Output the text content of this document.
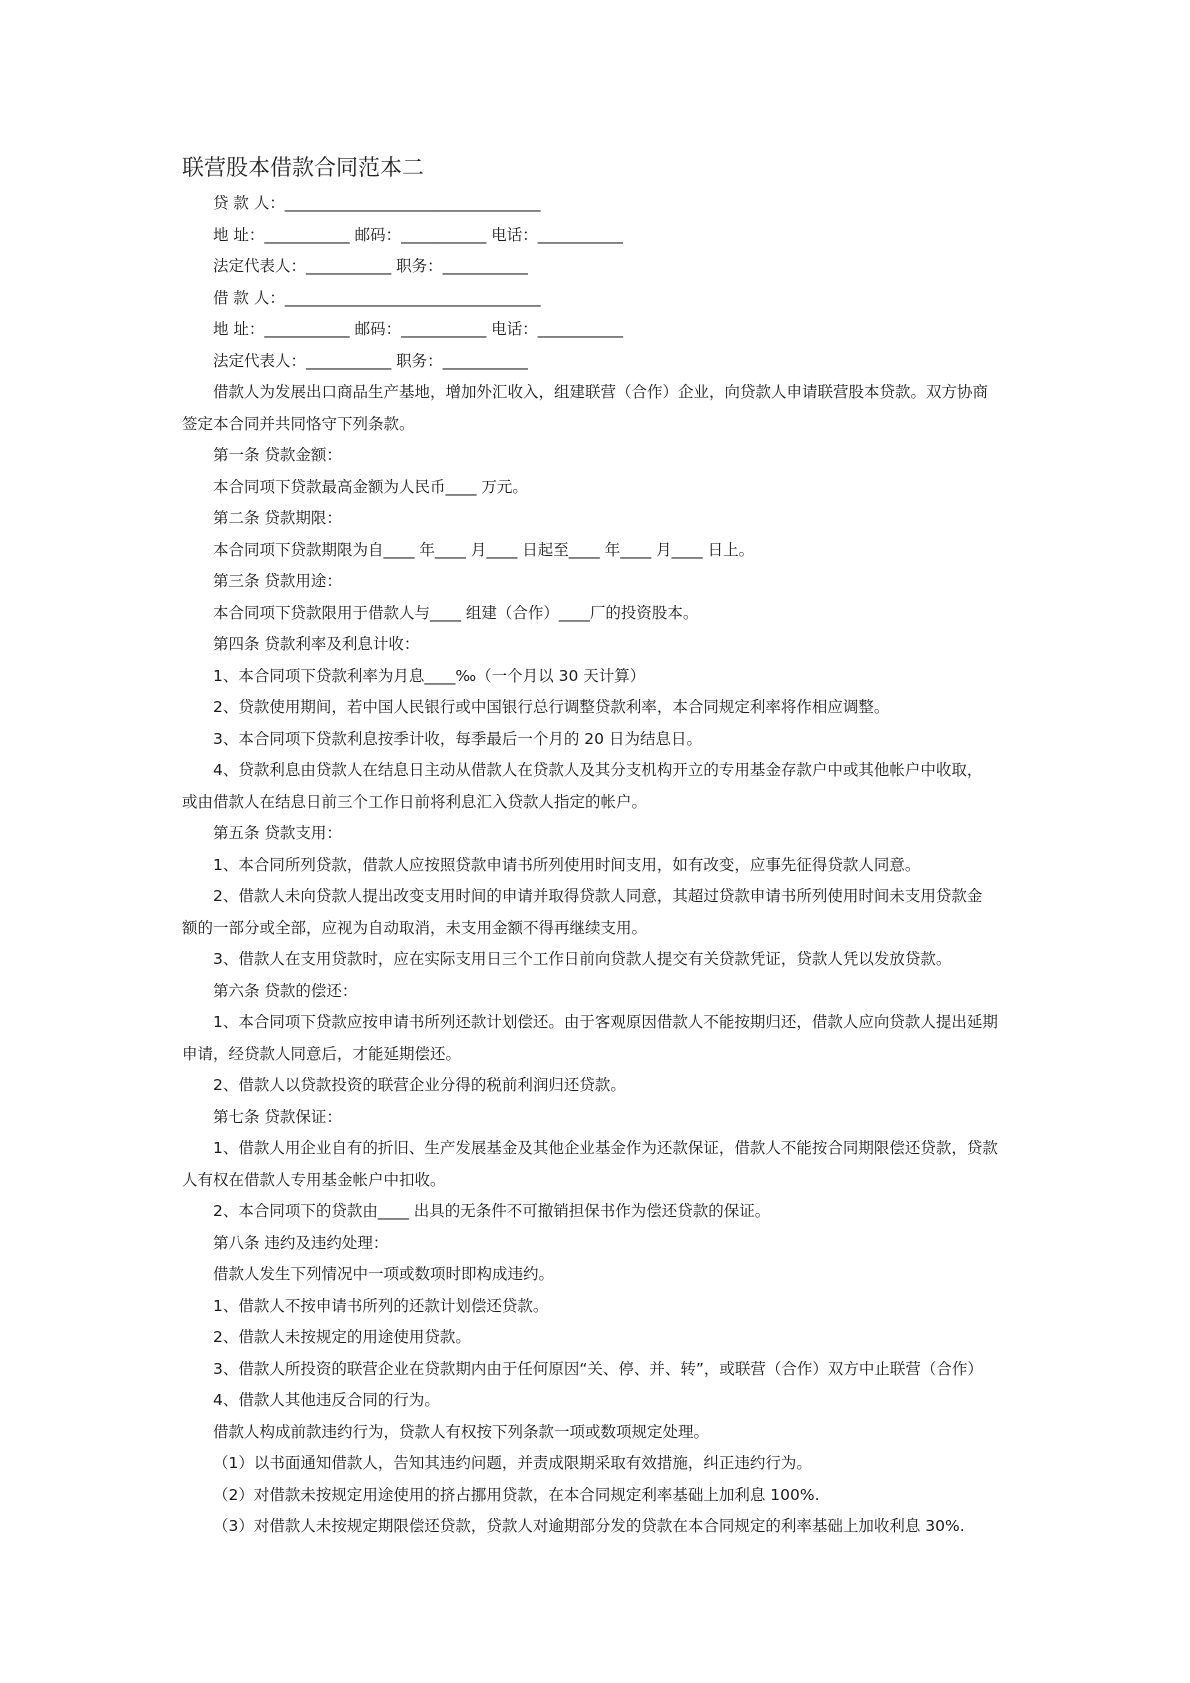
联营股本借款合同范本二

贷 款 人：_________________________________

地 址：___________ 邮码：___________ 电话：___________

法定代表人：___________ 职务：___________

借 款 人：_________________________________

地 址：___________ 邮码：___________ 电话：___________

法定代表人：___________ 职务：___________

借款人为发展出口商品生产基地，增加外汇收入，组建联营（合作）企业，向贷款人申请联营股本贷款。双方协商

签定本合同并共同恪守下列条款。

第一条 贷款金额：

本合同项下贷款最高金额为人民币____ 万元。

第二条 贷款期限：

本合同项下贷款期限为自____ 年____ 月____ 日起至____ 年____ 月____ 日上。

第三条 贷款用途：

本合同项下贷款限用于借款人与____ 组建（合作）____厂的投资股本。

第四条 贷款利率及利息计收：

1、本合同项下贷款利率为月息____‰（一个月以 30 天计算）

2、贷款使用期间，若中国人民银行或中国银行总行调整贷款利率，本合同规定利率将作相应调整。

3、本合同项下贷款利息按季计收，每季最后一个月的 20 日为结息日。

4、贷款利息由贷款人在结息日主动从借款人在贷款人及其分支机构开立的专用基金存款户中或其他帐户中收取，

或由借款人在结息日前三个工作日前将利息汇入贷款人指定的帐户。

第五条 贷款支用：

1、本合同所列贷款，借款人应按照贷款申请书所列使用时间支用，如有改变，应事先征得贷款人同意。

2、借款人未向贷款人提出改变支用时间的申请并取得贷款人同意，其超过贷款申请书所列使用时间未支用贷款金

额的一部分或全部，应视为自动取消，未支用金额不得再继续支用。

3、借款人在支用贷款时，应在实际支用日三个工作日前向贷款人提交有关贷款凭证，贷款人凭以发放贷款。

第六条 贷款的偿还：

1、本合同项下贷款应按申请书所列还款计划偿还。由于客观原因借款人不能按期归还，借款人应向贷款人提出延期

申请，经贷款人同意后，才能延期偿还。

2、借款人以贷款投资的联营企业分得的税前利润归还贷款。

第七条 贷款保证：

1、借款人用企业自有的折旧、生产发展基金及其他企业基金作为还款保证，借款人不能按合同期限偿还贷款，贷款

人有权在借款人专用基金帐户中扣收。

2、本合同项下的贷款由____ 出具的无条件不可撤销担保书作为偿还贷款的保证。

第八条 违约及违约处理：

借款人发生下列情况中一项或数项时即构成违约。

1、借款人不按申请书所列的还款计划偿还贷款。

2、借款人未按规定的用途使用贷款。

3、借款人所投资的联营企业在贷款期内由于任何原因“关、停、并、转”，或联营（合作）双方中止联营（合作）

4、借款人其他违反合同的行为。

借款人构成前款违约行为，贷款人有权按下列条款一项或数项规定处理。

（1）以书面通知借款人，告知其违约问题，并责成限期采取有效措施，纠正违约行为。

（2）对借款未按规定用途使用的挤占挪用贷款，在本合同规定利率基础上加利息 100%.

（3）对借款人未按规定期限偿还贷款，贷款人对逾期部分发的贷款在本合同规定的利率基础上加收利息 30%.
